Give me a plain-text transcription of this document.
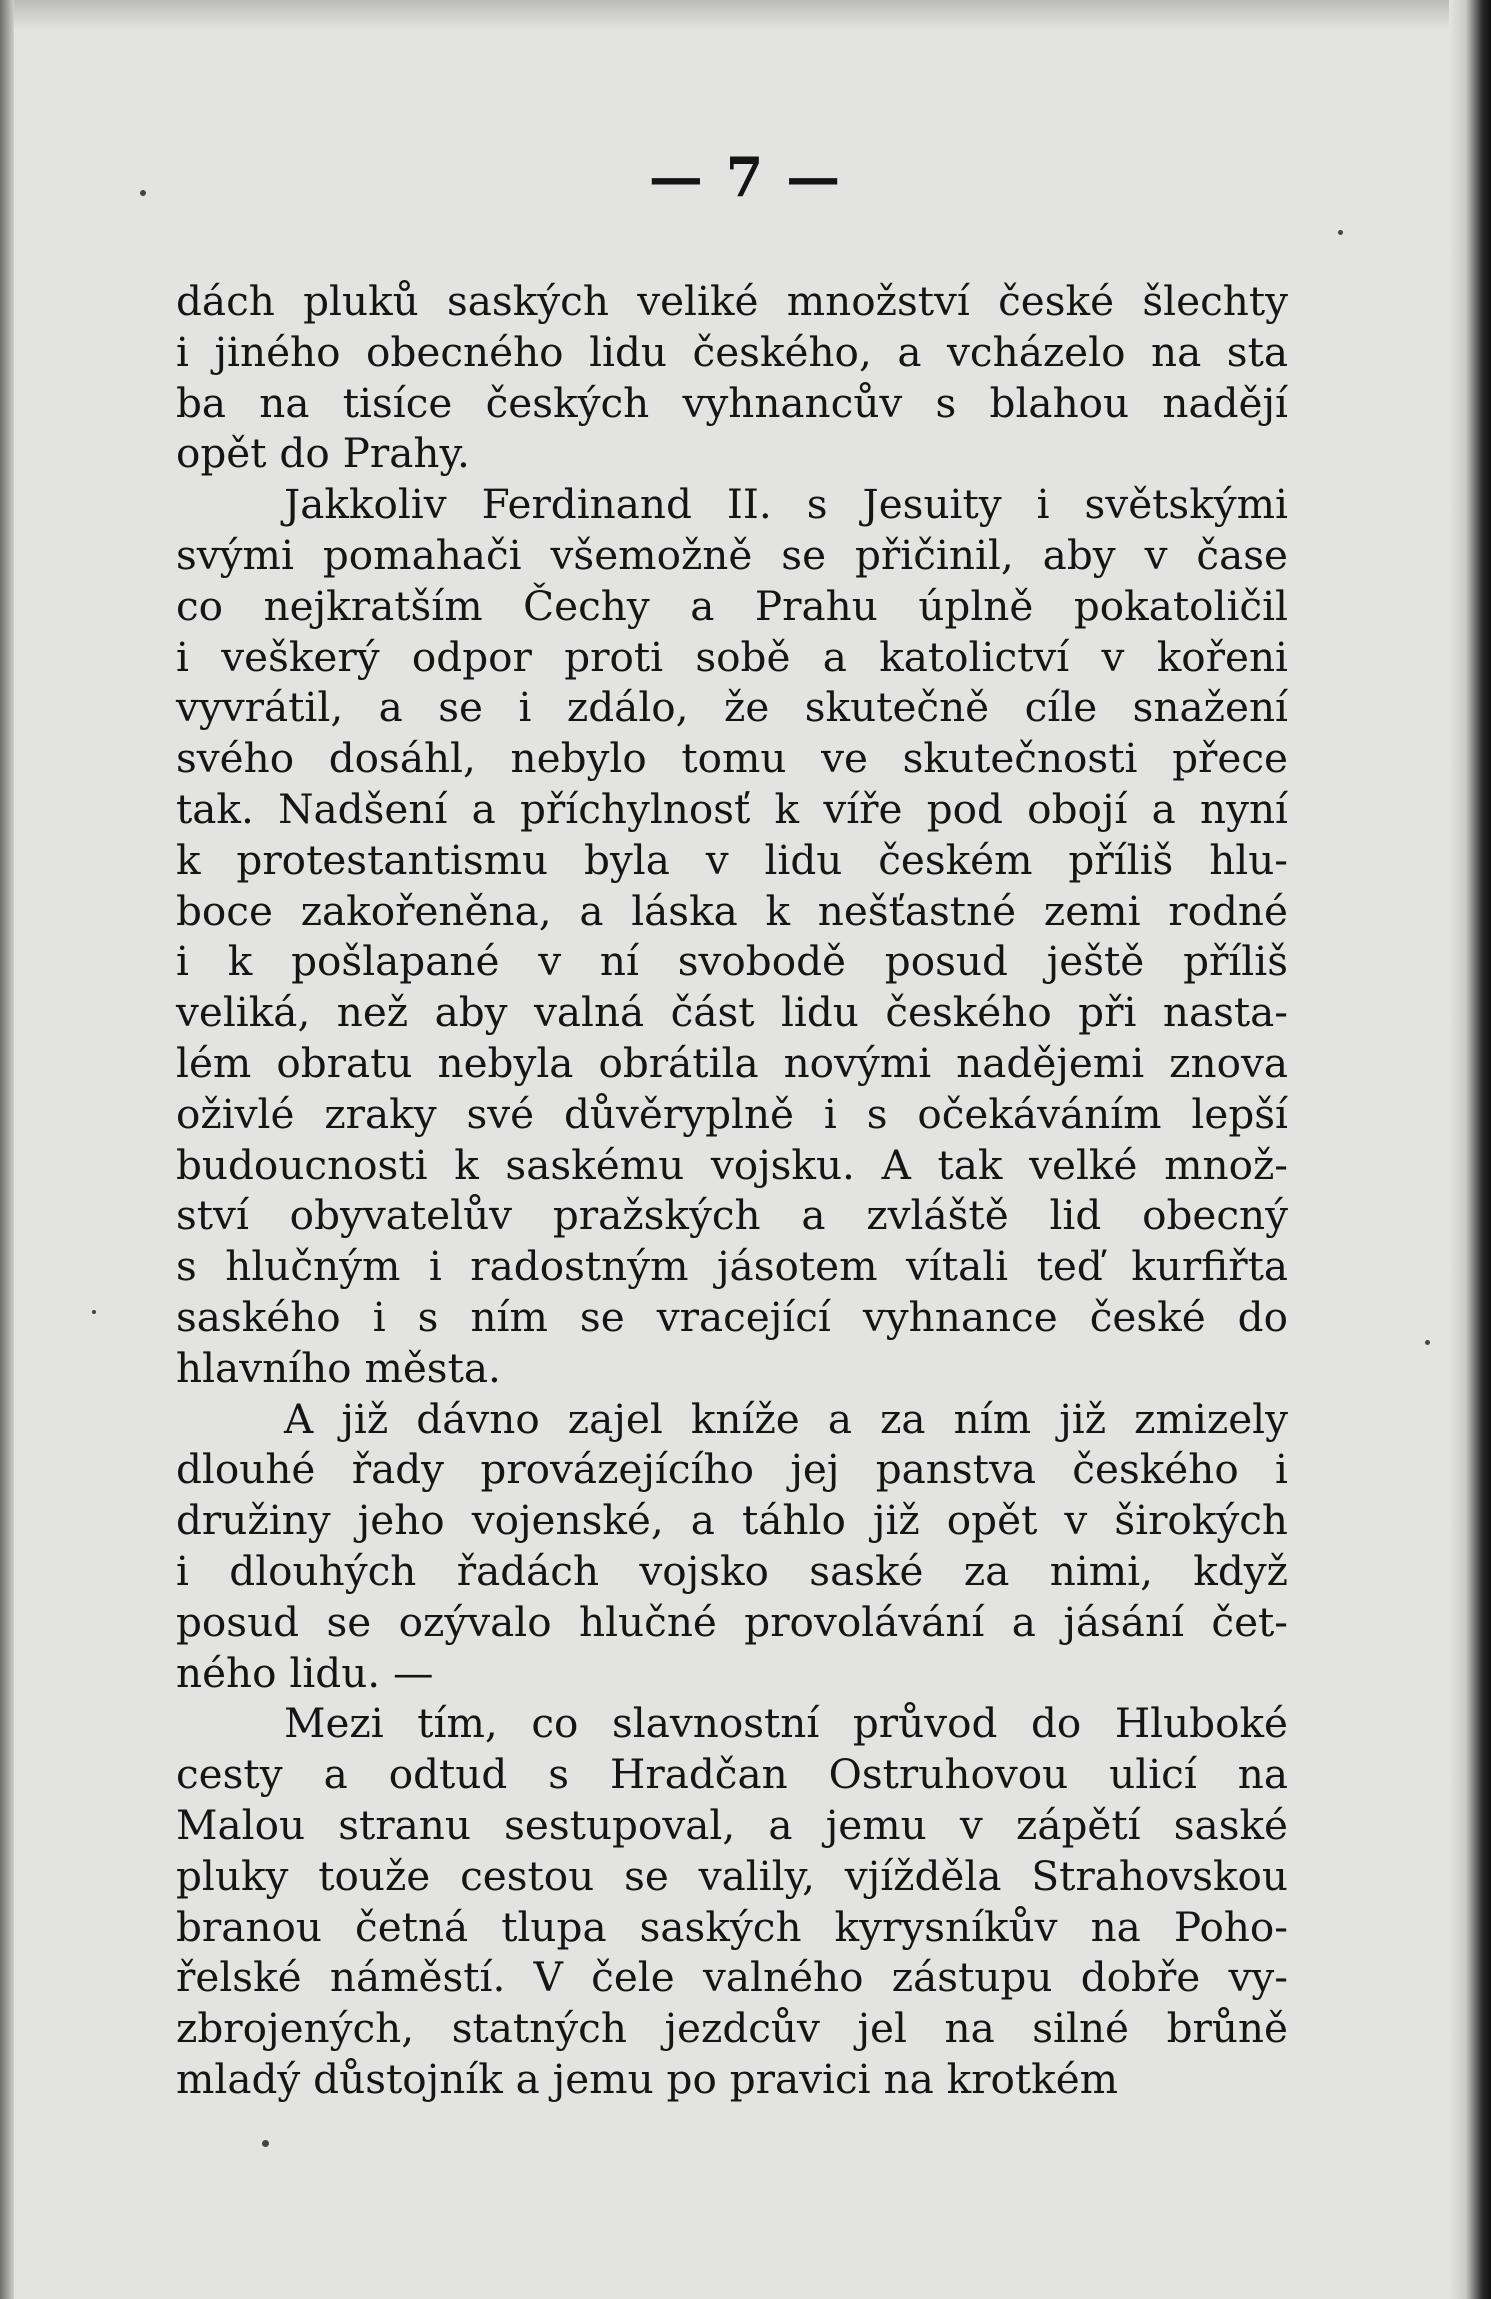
— 7 —
dách pluků saských veliké množství české šlechty
i jiného obecného lidu českého, a vcházelo na sta
ba na tisíce českých vyhnancův s blahou nadějí
opět do Prahy.
Jakkoliv Ferdinand II. s Jesuity i světskými
svými pomahači všemožně se přičinil, aby v čase
co nejkratším Čechy a Prahu úplně pokatoličil
i veškerý odpor proti sobě a katolictví v kořeni
vyvrátil, a se i zdálo, že skutečně cíle snažení
svého dosáhl, nebylo tomu ve skutečnosti přece
tak. Nadšení a příchylnosť k víře pod obojí a nyní
k protestantismu byla v lidu českém příliš hlu-
boce zakořeněna, a láska k nešťastné zemi rodné
i k pošlapané v ní svobodě posud ještě příliš
veliká, než aby valná část lidu českého při nasta-
lém obratu nebyla obrátila novými nadějemi znova
oživlé zraky své důvěryplně i s očekáváním lepší
budoucnosti k saskému vojsku. A tak velké množ-
ství obyvatelův pražských a zvláště lid obecný
s hlučným i radostným jásotem vítali teď kurfiřta
saského i s ním se vracející vyhnance české do
hlavního města.
A již dávno zajel kníže a za ním již zmizely
dlouhé řady provázejícího jej panstva českého i
družiny jeho vojenské, a táhlo již opět v širokých
i dlouhých řadách vojsko saské za nimi, když
posud se ozývalo hlučné provolávání a jásání čet-
ného lidu. —
Mezi tím, co slavnostní průvod do Hluboké
cesty a odtud s Hradčan Ostruhovou ulicí na
Malou stranu sestupoval, a jemu v zápětí saské
pluky touže cestou se valily, vjížděla Strahovskou
branou četná tlupa saských kyrysníkův na Poho-
řelské náměstí. V čele valného zástupu dobře vy-
zbrojených, statných jezdcův jel na silné brůně
mladý důstojník a jemu po pravici na krotkém
